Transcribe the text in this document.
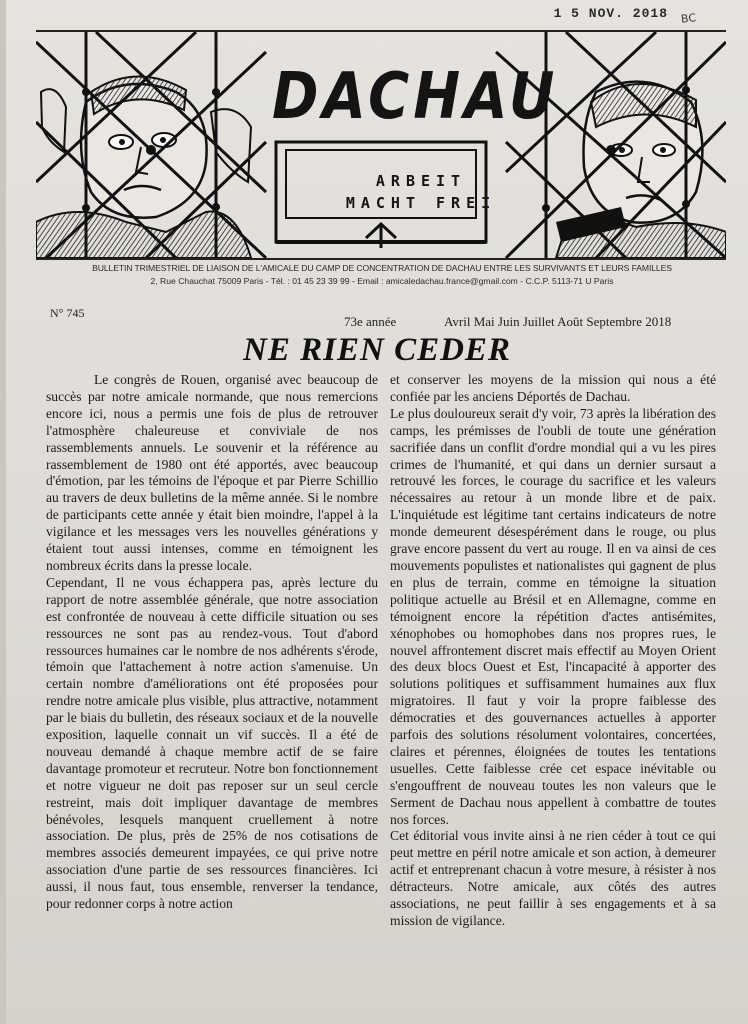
1 5 NOV. 2018 BC
DACHAU
ARBEIT
MACHT FREI
BULLETIN TRIMESTRIEL DE LIAISON DE L'AMICALE DU CAMP DE CONCENTRATION DE DACHAU ENTRE LES SURVIVANTS ET LEURS FAMILLES
2, Rue Chauchat 75009 Paris - Tél. : 01 45 23 39 99 - Email : amicaledachau.france@gmail.com - C.C.P. 5113-71 U Paris
N° 745
73e année	Avril Mai Juin Juillet Août Septembre 2018
NE RIEN CEDER

Le congrès de Rouen, organisé avec beaucoup de succès par notre amicale normande, que nous remercions encore ici, nous a permis une fois de plus de retrouver l'atmosphère chaleureuse et conviviale de nos rassemblements annuels. Le souvenir et la référence au rassemblement de 1980 ont été apportés, avec beaucoup d'émotion, par les témoins de l'époque et par Pierre Schillio au travers de deux bulletins de la même année. Si le nombre de participants cette année y était bien moindre, l'appel à la vigilance et les messages vers les nouvelles générations y étaient tout aussi intenses, comme en témoignent les nombreux écrits dans la presse locale.

Cependant, Il ne vous échappera pas, après lecture du rapport de notre assemblée générale, que notre association est confrontée de nouveau à cette difficile situation ou ses ressources ne sont pas au rendez-vous. Tout d'abord ressources humaines car le nombre de nos adhérents s'érode, témoin que l'attachement à notre action s'amenuise. Un certain nombre d'améliorations ont été proposées pour rendre notre amicale plus visible, plus attractive, notamment par le biais du bulletin, des réseaux sociaux et de la nouvelle exposition, laquelle connait un vif succès. Il a été de nouveau demandé à chaque membre actif de se faire davantage promoteur et recruteur. Notre bon fonctionnement et notre vigueur ne doit pas reposer sur un seul cercle restreint, mais doit impliquer davantage de membres bénévoles, lesquels manquent cruellement à notre association. De plus, près de 25% de nos cotisations de membres associés demeurent impayées, ce qui prive notre association d'une partie de ses ressources financières. Ici aussi, il nous faut, tous ensemble, renverser la tendance, pour redonner corps à notre action

et conserver les moyens de la mission qui nous a été confiée par les anciens Déportés de Dachau.

Le plus douloureux serait d'y voir, 73 après la libération des camps, les prémisses de l'oubli de toute une génération sacrifiée dans un conflit d'ordre mondial qui a vu les pires crimes de l'humanité, et qui dans un dernier sursaut a retrouvé les forces, le courage du sacrifice et les valeurs nécessaires au retour à un monde libre et de paix. L'inquiétude est légitime tant certains indicateurs de notre monde demeurent désespérément dans le rouge, ou plus grave encore passent du vert au rouge. Il en va ainsi de ces mouvements populistes et nationalistes qui gagnent de plus en plus de terrain, comme en témoigne la situation politique actuelle au Brésil et en Allemagne, comme en témoignent encore la répétition d'actes antisémites, xénophobes ou homophobes dans nos propres rues, le nouvel affrontement discret mais effectif au Moyen Orient des deux blocs Ouest et Est, l'incapacité à apporter des solutions politiques et suffisamment humaines aux flux migratoires. Il faut y voir la propre faiblesse des démocraties et des gouvernances actuelles à apporter parfois des solutions résolument volontaires, concertées, claires et pérennes, éloignées de toutes les tentations usuelles. Cette faiblesse crée cet espace inévitable ou s'engouffrent de nouveau toutes les non valeurs que le Serment de Dachau nous appellent à combattre de toutes nos forces.

Cet éditorial vous invite ainsi à ne rien céder à tout ce qui peut mettre en péril notre amicale et son action, à demeurer actif et entreprenant chacun à votre mesure, à résister à nos détracteurs. Notre amicale, aux côtés des autres associations, ne peut faillir à ses engagements et à sa mission de vigilance.
